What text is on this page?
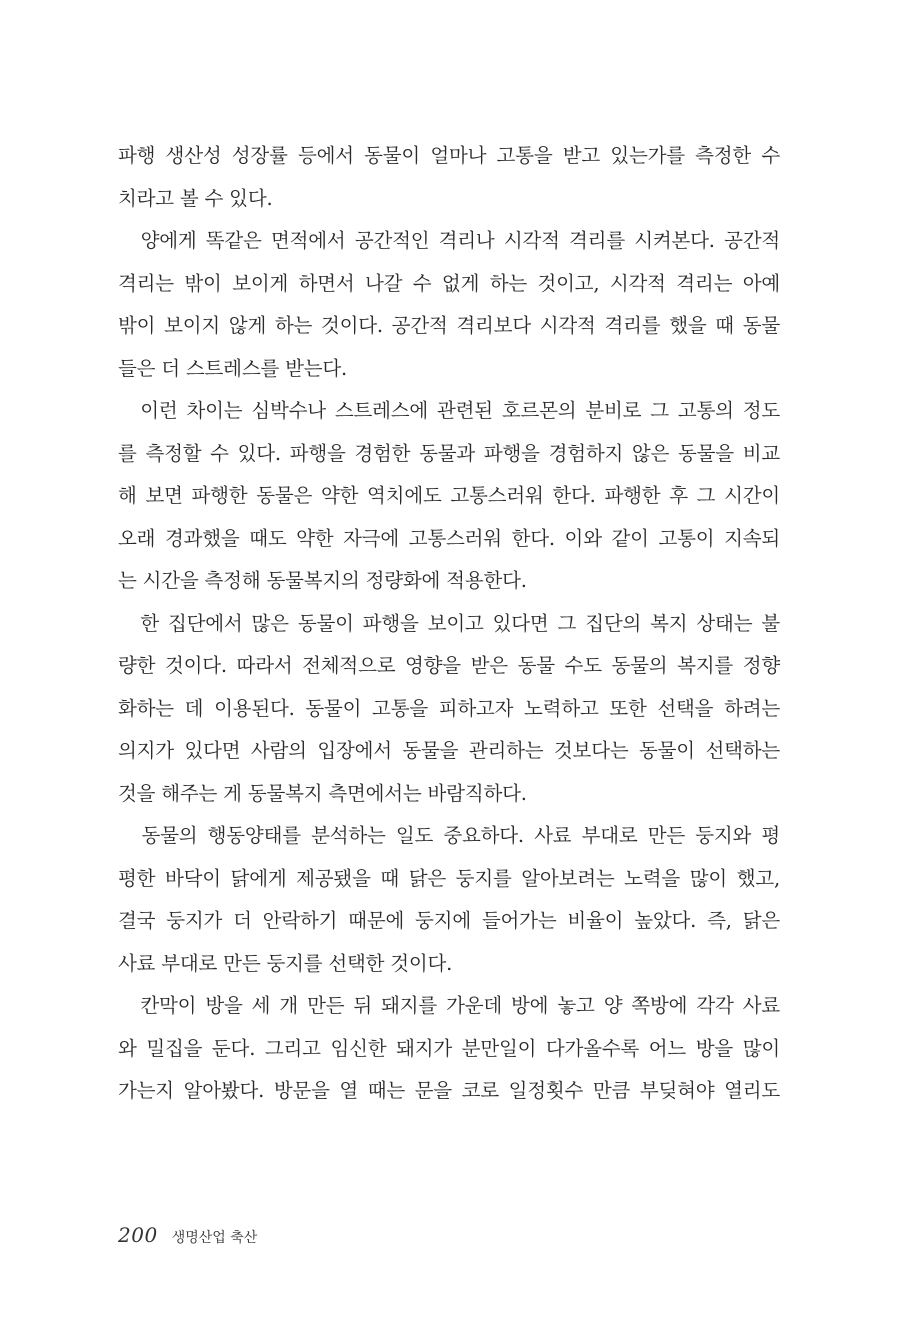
파행 생산성 성장률 등에서 동물이 얼마나 고통을 받고 있는가를 측정한 수
치라고 볼 수 있다.
　양에게 똑같은 면적에서 공간적인 격리나 시각적 격리를 시켜본다. 공간적
격리는 밖이 보이게 하면서 나갈 수 없게 하는 것이고, 시각적 격리는 아예
밖이 보이지 않게 하는 것이다. 공간적 격리보다 시각적 격리를 했을 때 동물
들은 더 스트레스를 받는다.
　이런 차이는 심박수나 스트레스에 관련된 호르몬의 분비로 그 고통의 정도
를 측정할 수 있다. 파행을 경험한 동물과 파행을 경험하지 않은 동물을 비교
해 보면 파행한 동물은 약한 역치에도 고통스러워 한다. 파행한 후 그 시간이
오래 경과했을 때도 약한 자극에 고통스러워 한다. 이와 같이 고통이 지속되
는 시간을 측정해 동물복지의 정량화에 적용한다.
　한 집단에서 많은 동물이 파행을 보이고 있다면 그 집단의 복지 상태는 불
량한 것이다. 따라서 전체적으로 영향을 받은 동물 수도 동물의 복지를 정향
화하는 데 이용된다. 동물이 고통을 피하고자 노력하고 또한 선택을 하려는
의지가 있다면 사람의 입장에서 동물을 관리하는 것보다는 동물이 선택하는
것을 해주는 게 동물복지 측면에서는 바람직하다.
　동물의 행동양태를 분석하는 일도 중요하다. 사료 부대로 만든 둥지와 평
평한 바닥이 닭에게 제공됐을 때 닭은 둥지를 알아보려는 노력을 많이 했고,
결국 둥지가 더 안락하기 때문에 둥지에 들어가는 비율이 높았다. 즉, 닭은
사료 부대로 만든 둥지를 선택한 것이다.
　칸막이 방을 세 개 만든 뒤 돼지를 가운데 방에 놓고 양 쪽방에 각각 사료
와 밀집을 둔다. 그리고 임신한 돼지가 분만일이 다가올수록 어느 방을 많이
가는지 알아봤다. 방문을 열 때는 문을 코로 일정횟수 만큼 부딪혀야 열리도
200 생명산업 축산
